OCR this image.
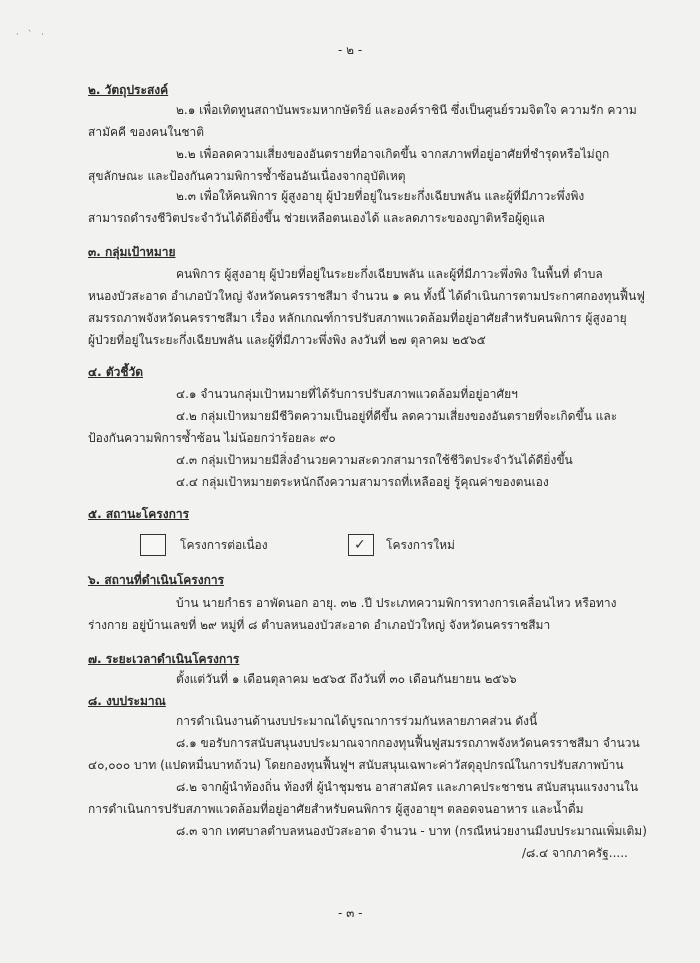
· ` ·
- ๒ -
๒. วัตถุประสงค์
๒.๑ เพื่อเทิดทูนสถาบันพระมหากษัตริย์ และองค์ราชินี ซึ่งเป็นศูนย์รวมจิตใจ ความรัก ความ
สามัคคี ของคนในชาติ
๒.๒ เพื่อลดความเสี่ยงของอันตรายที่อาจเกิดขึ้น จากสภาพที่อยู่อาศัยที่ชำรุดหรือไม่ถูก
สุขลักษณะ และป้องกันความพิการซ้ำซ้อนอันเนื่องจากอุบัติเหตุ
๒.๓ เพื่อให้คนพิการ ผู้สูงอายุ ผู้ป่วยที่อยู่ในระยะกึ่งเฉียบพลัน และผู้ที่มีภาวะพึ่งพิง
สามารถดำรงชีวิตประจำวันได้ดียิ่งขึ้น ช่วยเหลือตนเองได้ และลดภาระของญาติหรือผู้ดูแล
๓. กลุ่มเป้าหมาย
คนพิการ ผู้สูงอายุ ผู้ป่วยที่อยู่ในระยะกึ่งเฉียบพลัน และผู้ที่มีภาวะพึ่งพิง ในพื้นที่ ตำบล
หนองบัวสะอาด อำเภอบัวใหญ่ จังหวัดนครราชสีมา จำนวน ๑ คน ทั้งนี้ ได้ดำเนินการตามประกาศกองทุนฟื้นฟู
สมรรถภาพจังหวัดนครราชสีมา เรื่อง หลักเกณฑ์การปรับสภาพแวดล้อมที่อยู่อาศัยสำหรับคนพิการ ผู้สูงอายุ
ผู้ป่วยที่อยู่ในระยะกึ่งเฉียบพลัน และผู้ที่มีภาวะพึ่งพิง ลงวันที่ ๒๗ ตุลาคม ๒๕๖๕
๔. ตัวชี้วัด
๔.๑ จำนวนกลุ่มเป้าหมายที่ได้รับการปรับสภาพแวดล้อมที่อยู่อาศัยฯ
๔.๒ กลุ่มเป้าหมายมีชีวิตความเป็นอยู่ที่ดีขึ้น ลดความเสี่ยงของอันตรายที่จะเกิดขึ้น และ
ป้องกันความพิการซ้ำซ้อน ไม่น้อยกว่าร้อยละ ๙๐
๔.๓ กลุ่มเป้าหมายมีสิ่งอำนวยความสะดวกสามารถใช้ชีวิตประจำวันได้ดียิ่งขึ้น
๔.๔ กลุ่มเป้าหมายตระหนักถึงความสามารถที่เหลืออยู่ รู้คุณค่าของตนเอง
๕. สถานะโครงการ
โครงการต่อเนื่อง	✓ โครงการใหม่
๖. สถานที่ดำเนินโครงการ
บ้าน นายกำธร อาพัดนอก อายุ. ๓๒ .ปี ประเภทความพิการทางการเคลื่อนไหว หรือทาง
ร่างกาย อยู่บ้านเลขที่ ๒๙ หมู่ที่ ๘ ตำบลหนองบัวสะอาด อำเภอบัวใหญ่ จังหวัดนครราชสีมา
๗. ระยะเวลาดำเนินโครงการ
ตั้งแต่วันที่ ๑ เดือนตุลาคม ๒๕๖๕ ถึงวันที่ ๓๐ เดือนกันยายน ๒๕๖๖
๘. งบประมาณ
การดำเนินงานด้านงบประมาณได้บูรณาการร่วมกันหลายภาคส่วน ดังนี้
๘.๑ ขอรับการสนับสนุนงบประมาณจากกองทุนฟื้นฟูสมรรถภาพจังหวัดนครราชสีมา จำนวน
๔๐,๐๐๐ บาท (แปดหมื่นบาทถ้วน) โดยกองทุนฟื้นฟูฯ สนับสนุนเฉพาะค่าวัสดุอุปกรณ์ในการปรับสภาพบ้าน
๘.๒ จากผู้นำท้องถิ่น ท้องที่ ผู้นำชุมชน อาสาสมัคร และภาคประชาชน สนับสนุนแรงงานใน
การดำเนินการปรับสภาพแวดล้อมที่อยู่อาศัยสำหรับคนพิการ ผู้สูงอายุฯ ตลอดจนอาหาร และน้ำดื่ม
๘.๓ จาก เทศบาลตำบลหนองบัวสะอาด จำนวน - บาท (กรณีหน่วยงานมีงบประมาณเพิ่มเติม)
/๘.๔ จากภาครัฐ.....
- ๓ -
